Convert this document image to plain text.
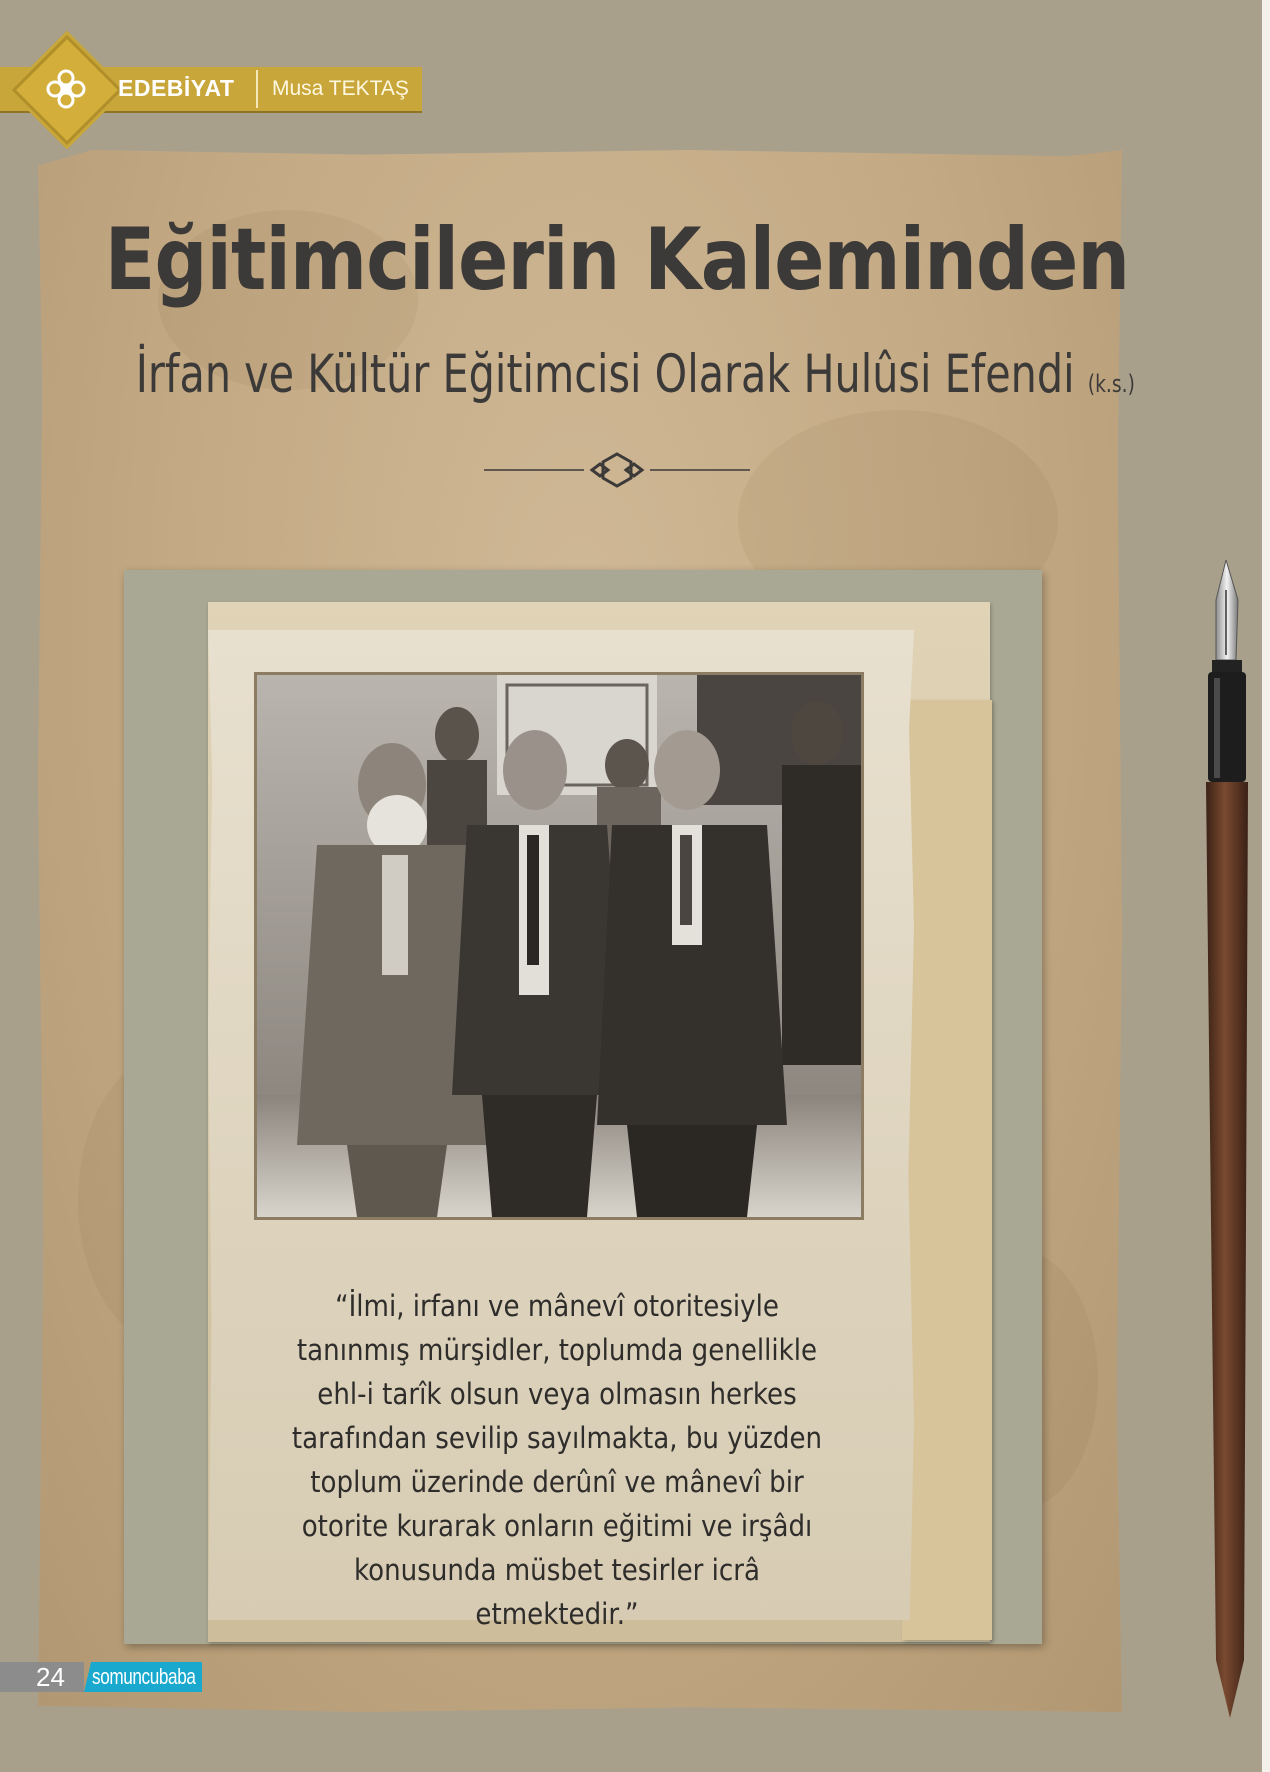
EDEBİYAT Musa TEKTAŞ
Eğitimcilerin Kaleminden
İrfan ve Kültür Eğitimcisi Olarak Hulûsi Efendi (k.s.)

“İlmi, irfanı ve mânevî otoritesiyle tanınmış mürşidler, toplumda genellikle ehl-i tarîk olsun veya olmasın herkes tarafından sevilip sayılmakta, bu yüzden toplum üzerinde derûnî ve mânevî bir otorite kurarak onların eğitimi ve irşâdı konusunda müsbet tesirler icrâ etmektedir.”

24 somuncubaba
